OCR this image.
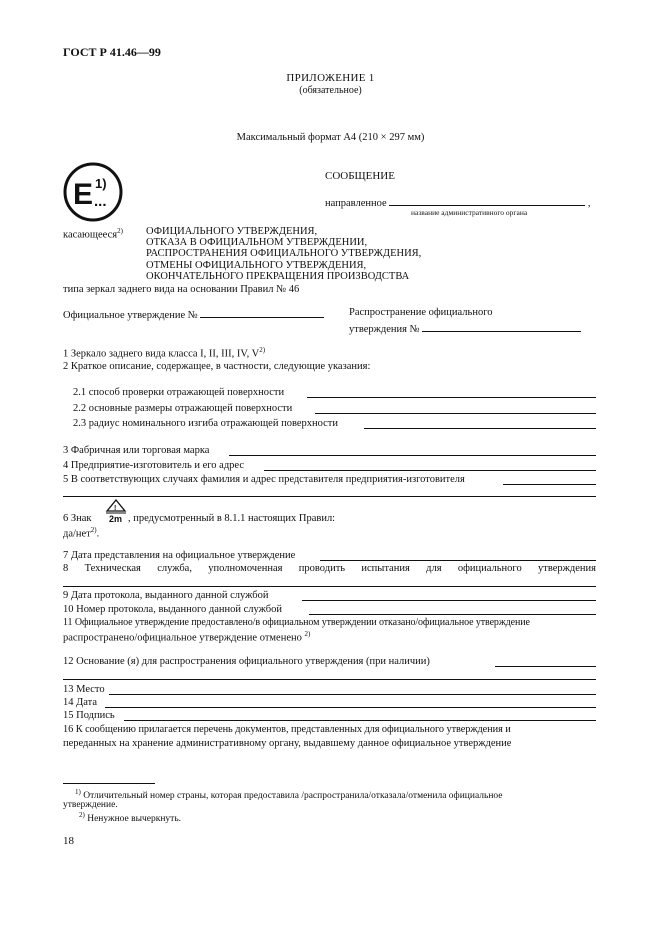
ГОСТ Р 41.46—99
ПРИЛОЖЕНИЕ 1
(обязательное)
Максимальный формат А4 (210 × 297 мм)
E 1)
...
СООБЩЕНИЕ
направленное	,
название административного органа
касающееся$^{2)}$ ОФИЦИАЛЬНОГО УТВЕРЖДЕНИЯ,
ОТКАЗА В ОФИЦИАЛЬНОМ УТВЕРЖДЕНИИ,
РАСПРОСТРАНЕНИЯ ОФИЦИАЛЬНОГО УТВЕРЖДЕНИЯ,
ОТМЕНЫ ОФИЦИАЛЬНОГО УТВЕРЖДЕНИЯ,
ОКОНЧАТЕЛЬНОГО ПРЕКРАЩЕНИЯ ПРОИЗВОДСТВА
типа зеркал заднего вида на основании Правил № 46
Официальное утверждение №	Распространение официального
утверждения №
1 Зеркало заднего вида класса I, II, III, IV, $V^{2)}$
2 Краткое описание, содержащее, в частности, следующие указания:
2.1 способ проверки отражающей поверхности
2.2 основные размеры отражающей поверхности
2.3 радиус номинального изгиба отражающей поверхности
3 Фабричная или торговая марка
4 Предприятие-изготовитель и его адрес
5 В соответствующих случаях фамилия и адрес представителя предприятия-изготовителя
6 Знак
!
2m , предусмотренный в 8.1.1 настоящих Правил:
да/нет$^{2)}$.
7 Дата представления на официальное утверждение
8 Техническая служба, уполномоченная проводить испытания для официального утверждения
9 Дата протокола, выданного данной службой
10 Номер протокола, выданного данной службой
11 Официальное утверждение предоставлено/в официальном утверждении отказано/официальное утверждение
распространено/официальное утверждение отменено $^{2)}$
12 Основание (я) для распространения официального утверждения (при наличии)
13 Место
14 Дата
15 Подпись
16 К сообщению прилагается перечень документов, представленных для официального утверждения и
переданных на хранение административному органу, выдавшему данное официальное утверждение
$^{1)}$ Отличительный номер страны, которая предоставила /распространила/отказала/отменила официальное
утверждение.
$^{2)}$ Ненужное вычеркнуть.
18
